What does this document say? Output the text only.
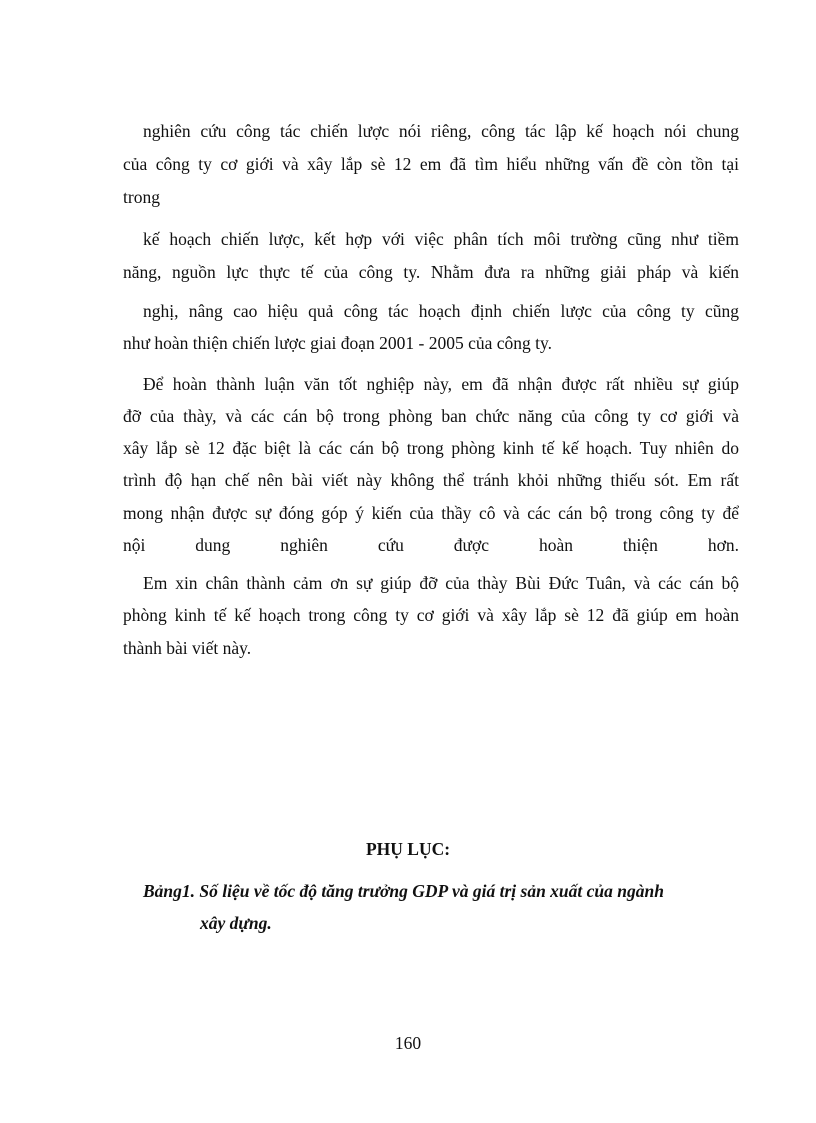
nghiên cứu công tác chiến lược nói riêng, công tác lập kế hoạch nói chung

của công ty cơ giới và xây lắp sè 12 em đã tìm hiểu những vấn đề còn tồn tại

trong

kế hoạch chiến lược, kết hợp với việc phân tích môi trường cũng như tiềm

năng, nguồn lực thực tế của công ty. Nhằm đưa ra những giải pháp và kiến

nghị, nâng cao hiệu quả công tác hoạch định chiến lược của công ty cũng

như hoàn thiện chiến lược giai đoạn 2001 - 2005 của công ty.

Để hoàn thành luận văn tốt nghiệp này, em đã nhận được rất nhiều sự giúp

đỡ của thày, và các cán bộ trong phòng ban chức năng của công ty cơ giới và

xây lắp sè 12 đặc biệt là các cán bộ trong phòng kinh tế kế hoạch. Tuy nhiên do

trình độ hạn chế nên bài viết này không thể tránh khỏi những thiếu sót. Em rất

mong nhận được sự đóng góp ý kiến của thầy cô và các cán bộ trong công ty để

nội dung nghiên cứu được hoàn thiện hơn.

Em xin chân thành cảm ơn sự giúp đỡ của thày Bùi Đức Tuân, và các cán bộ

phòng kinh tế kế hoạch trong công ty cơ giới và xây lắp sè 12 đã giúp em hoàn

thành bài viết này.

PHỤ LỤC:

Bảng1. Số liệu về tốc độ tăng trưởng GDP và giá trị sản xuất của ngành

xây dựng.

160
